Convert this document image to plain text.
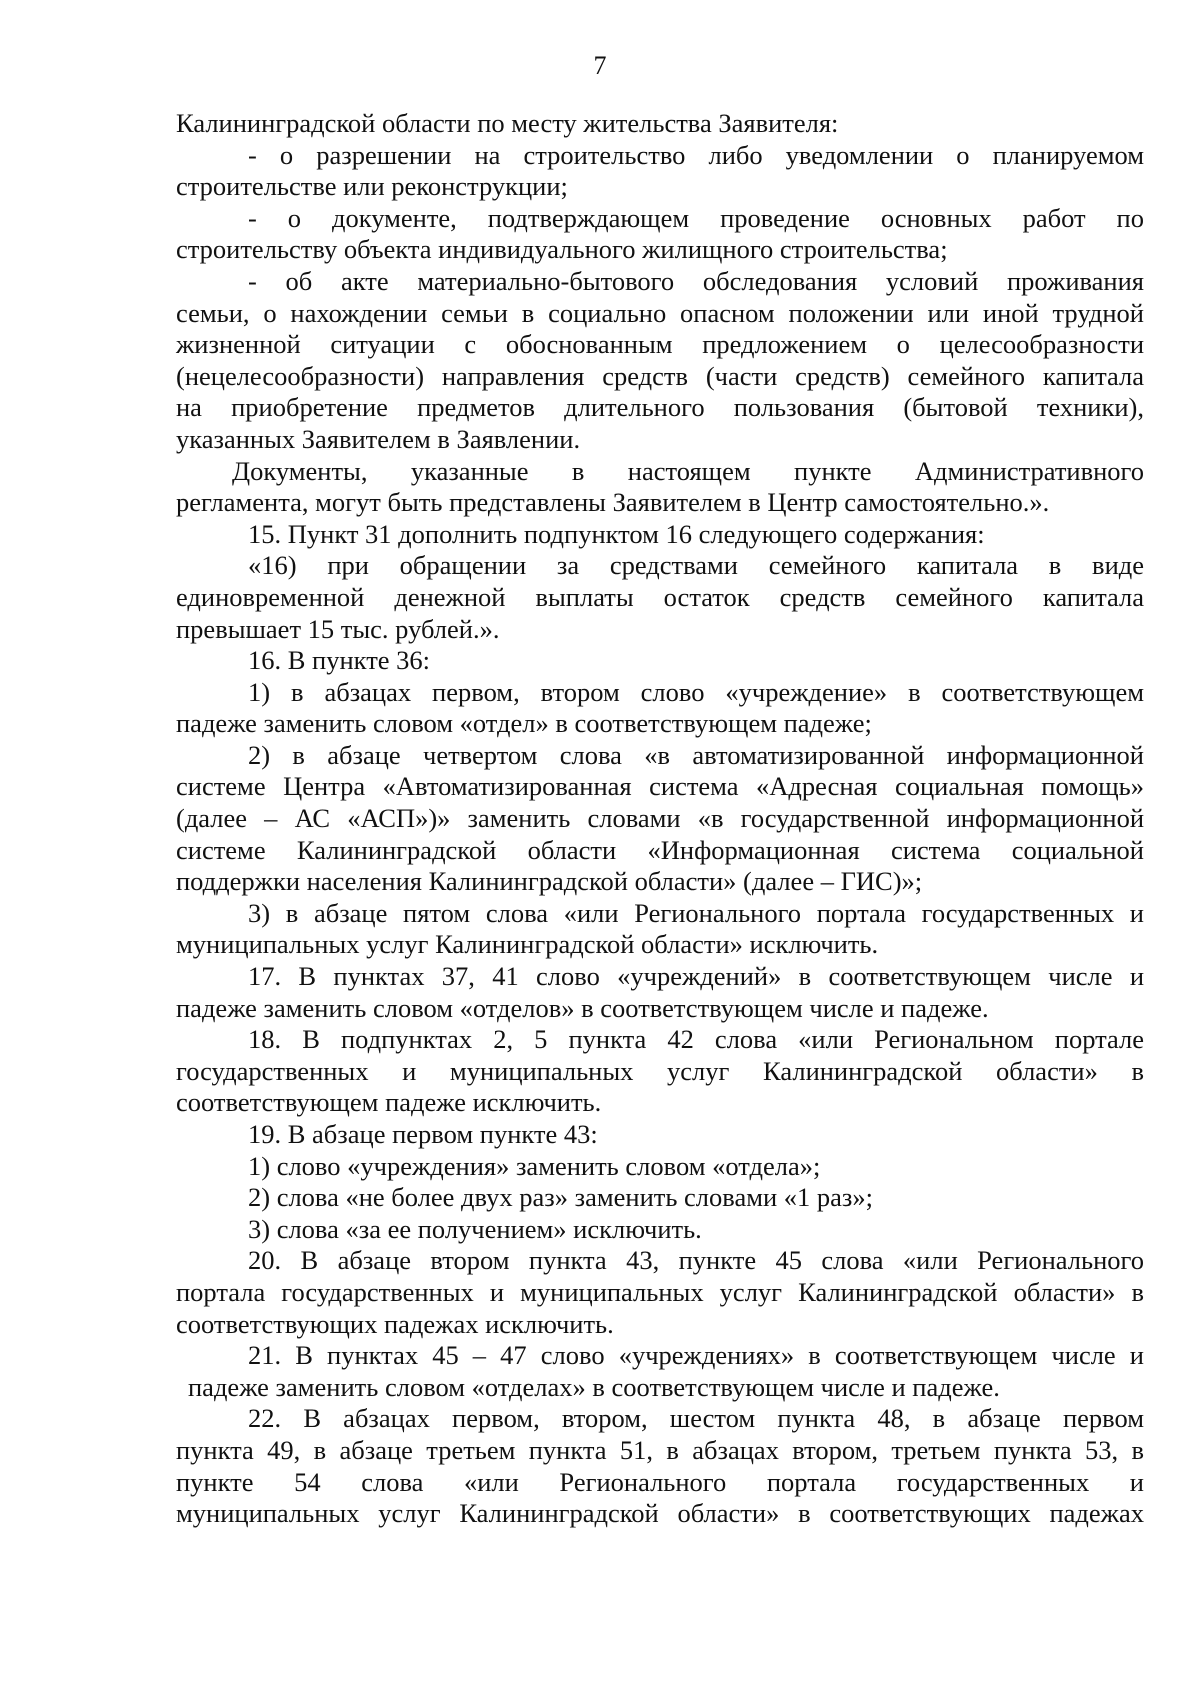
7
Калининградской области по месту жительства Заявителя:
- о разрешении на строительство либо уведомлении о планируемом
строительстве или реконструкции;
- о документе, подтверждающем проведение основных работ по
строительству объекта индивидуального жилищного строительства;
- об акте материально-бытового обследования условий проживания
семьи, о нахождении семьи в социально опасном положении или иной трудной
жизненной ситуации с обоснованным предложением о целесообразности
(нецелесообразности) направления средств (части средств) семейного капитала
на приобретение предметов длительного пользования (бытовой техники),
указанных Заявителем в Заявлении.
Документы, указанные в настоящем пункте Административного
регламента, могут быть представлены Заявителем в Центр самостоятельно.».
15. Пункт 31 дополнить подпунктом 16 следующего содержания:
«16) при обращении за средствами семейного капитала в виде
единовременной денежной выплаты остаток средств семейного капитала
превышает 15 тыс. рублей.».
16. В пункте 36:
1) в абзацах первом, втором слово «учреждение» в соответствующем
падеже заменить словом «отдел» в соответствующем падеже;
2) в абзаце четвертом слова «в автоматизированной информационной
системе Центра «Автоматизированная система «Адресная социальная помощь»
(далее – АС «АСП»)» заменить словами «в государственной информационной
системе Калининградской области «Информационная система социальной
поддержки населения Калининградской области» (далее – ГИС)»;
3) в абзаце пятом слова «или Регионального портала государственных и
муниципальных услуг Калининградской области» исключить.
17. В пунктах 37, 41 слово «учреждений» в соответствующем числе и
падеже заменить словом «отделов» в соответствующем числе и падеже.
18. В подпунктах 2, 5 пункта 42 слова «или Региональном портале
государственных и муниципальных услуг Калининградской области» в
соответствующем падеже исключить.
19. В абзаце первом пункте 43:
1) слово «учреждения» заменить словом «отдела»;
2) слова «не более двух раз» заменить словами «1 раз»;
3) слова «за ее получением» исключить.
20. В абзаце втором пункта 43, пункте 45 слова «или Регионального
портала государственных и муниципальных услуг Калининградской области» в
соответствующих падежах исключить.
21. В пунктах 45 – 47 слово «учреждениях» в соответствующем числе и
падеже заменить словом «отделах» в соответствующем числе и падеже.
22. В абзацах первом, втором, шестом пункта 48, в абзаце первом
пункта 49, в абзаце третьем пункта 51, в абзацах втором, третьем пункта 53, в
пункте 54 слова «или Регионального портала государственных и
муниципальных услуг Калининградской области» в соответствующих падежах
